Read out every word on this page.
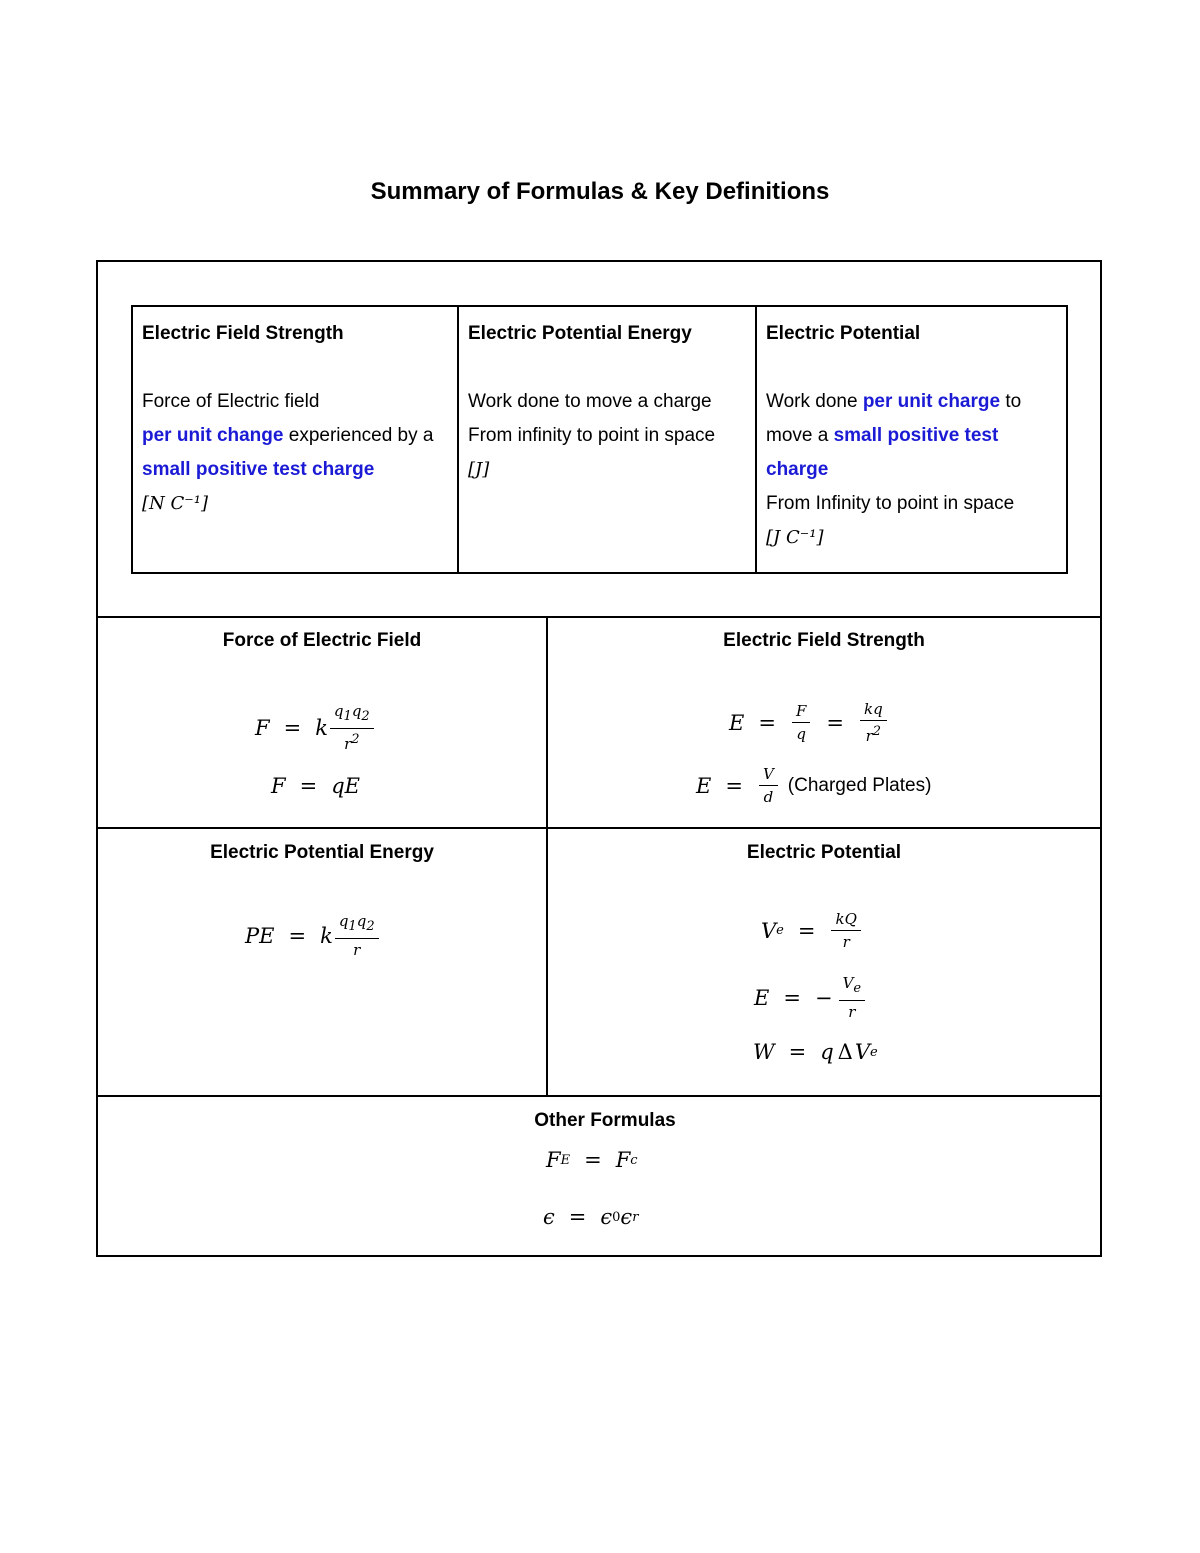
Summary of Formulas & Key Definitions
Electric Field Strength
Force of Electric field
per unit change experienced by a
small positive test charge
[N C⁻¹]
Electric Potential Energy
Work done to move a charge
From infinity to point in space
[J]
Electric Potential
Work done per unit charge to
move a small positive test
charge
From Infinity to point in space
[J C⁻¹]
Force of Electric Field
F = k $\frac{q_1q_2}{r^2}$
F = qE
Electric Field Strength
$E = \frac{F}{q} = \frac{kq}{r^2}$
$E = \frac{V}{d}$ (Charged Plates)
Electric Potential Energy
PE = k $\frac{q_1q_2}{r}$
Electric Potential
V $e = \frac{kQ}{r}$
E = − $\frac{V_e}{r}$
W = q Δ V e
Other Formulas
F E = F c
ϵ = ϵ 0 ϵ r
